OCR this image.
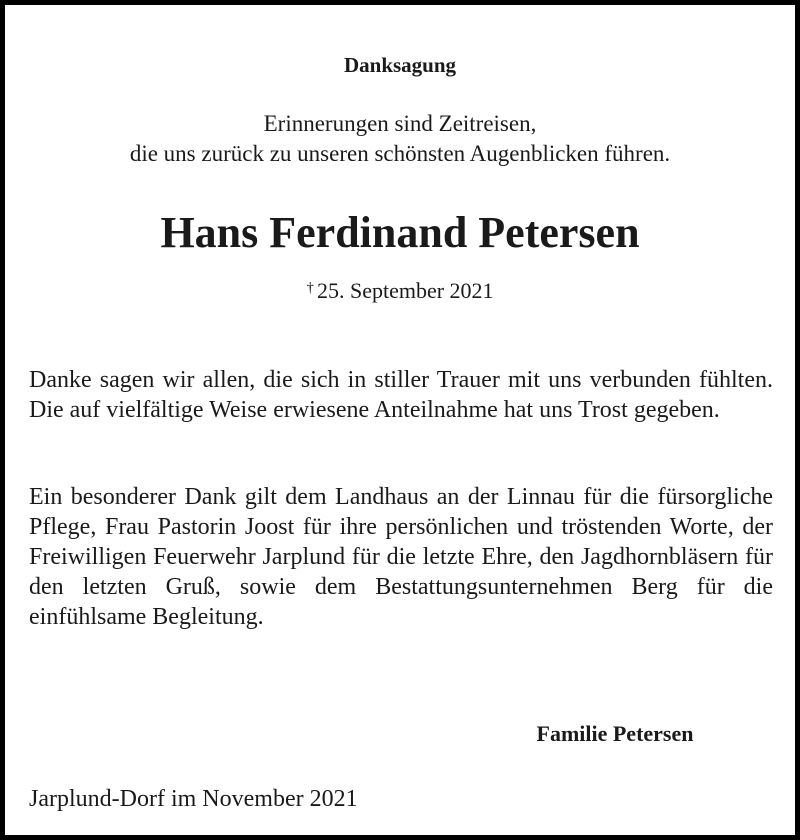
Danksagung
Erinnerungen sind Zeitreisen,
die uns zurück zu unseren schönsten Augenblicken führen.
Hans Ferdinand Petersen
† 25. September 2021

Danke sagen wir allen, die sich in stiller Trauer mit uns verbunden fühlten. Die auf vielfältige Weise erwiesene Anteilnahme hat uns Trost gegeben.

Ein besonderer Dank gilt dem Landhaus an der Linnau für die fürsorgliche Pflege, Frau Pastorin Joost für ihre persönlichen und tröstenden Worte, der Freiwilligen Feuerwehr Jarplund für die letzte Ehre, den Jagdhornbläsern für den letzten Gruß, sowie dem Bestattungsunternehmen Berg für die einfühlsame Begleitung.

Familie Petersen
Jarplund-Dorf im November 2021
